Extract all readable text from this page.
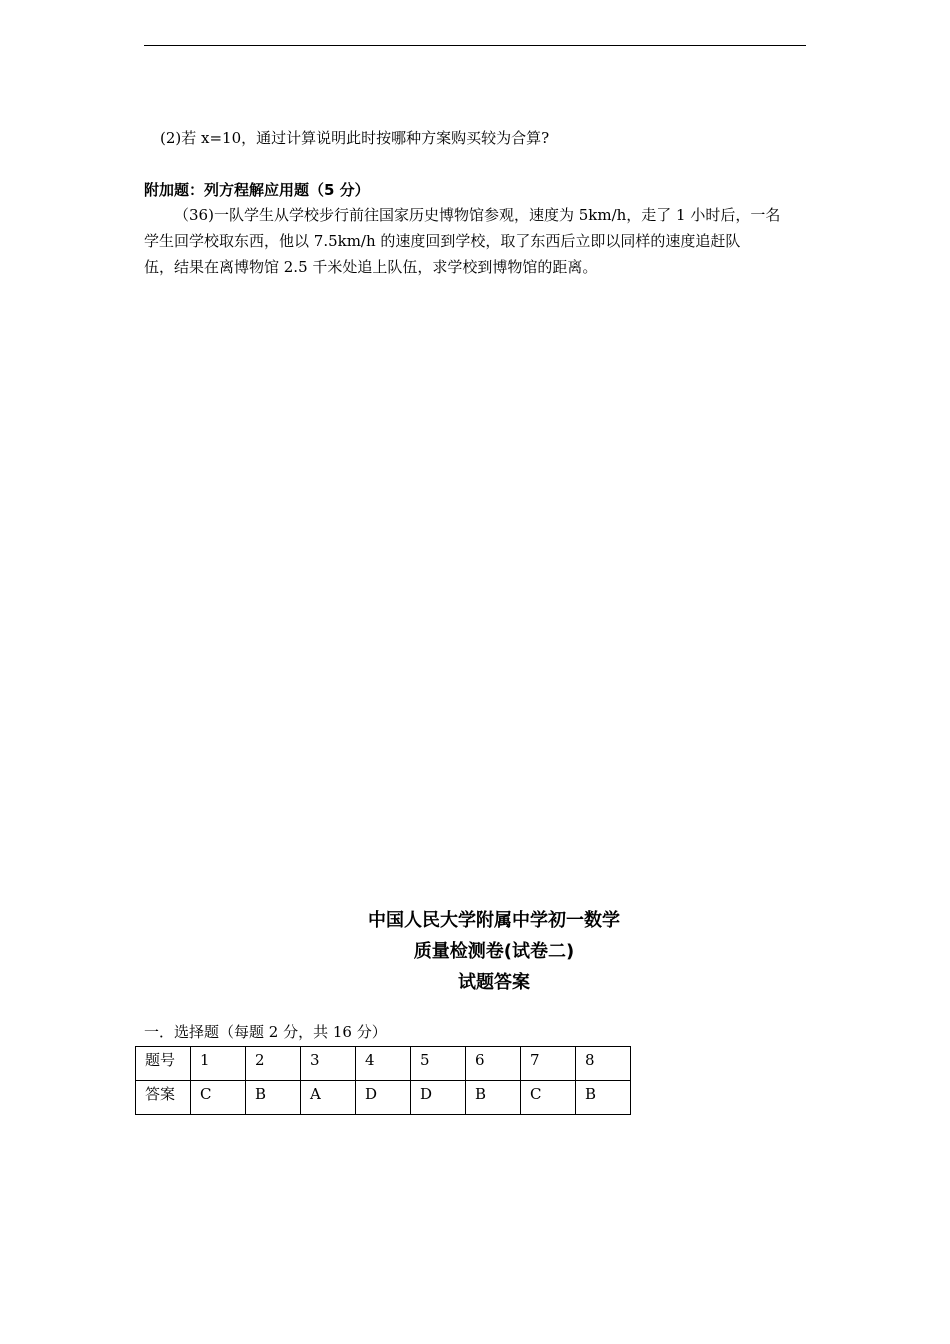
(2)若 x=10，通过计算说明此时按哪种方案购买较为合算?
附加题：列方程解应用题（5 分）

（36)一队学生从学校步行前往国家历史博物馆参观，速度为 5km/h，走了 1 小时后，一名

学生回学校取东西，他以 7.5km/h 的速度回到学校，取了东西后立即以同样的速度追赶队

伍，结果在离博物馆 2.5 千米处追上队伍，求学校到博物馆的距离。

中国人民大学附属中学初一数学
质量检测卷(试卷二)
试题答案
一．选择题（每题 2 分，共 16 分）
题号	1	2	3	4	5	6	7	8
答案	C	B	A	D	D	B	C	B
